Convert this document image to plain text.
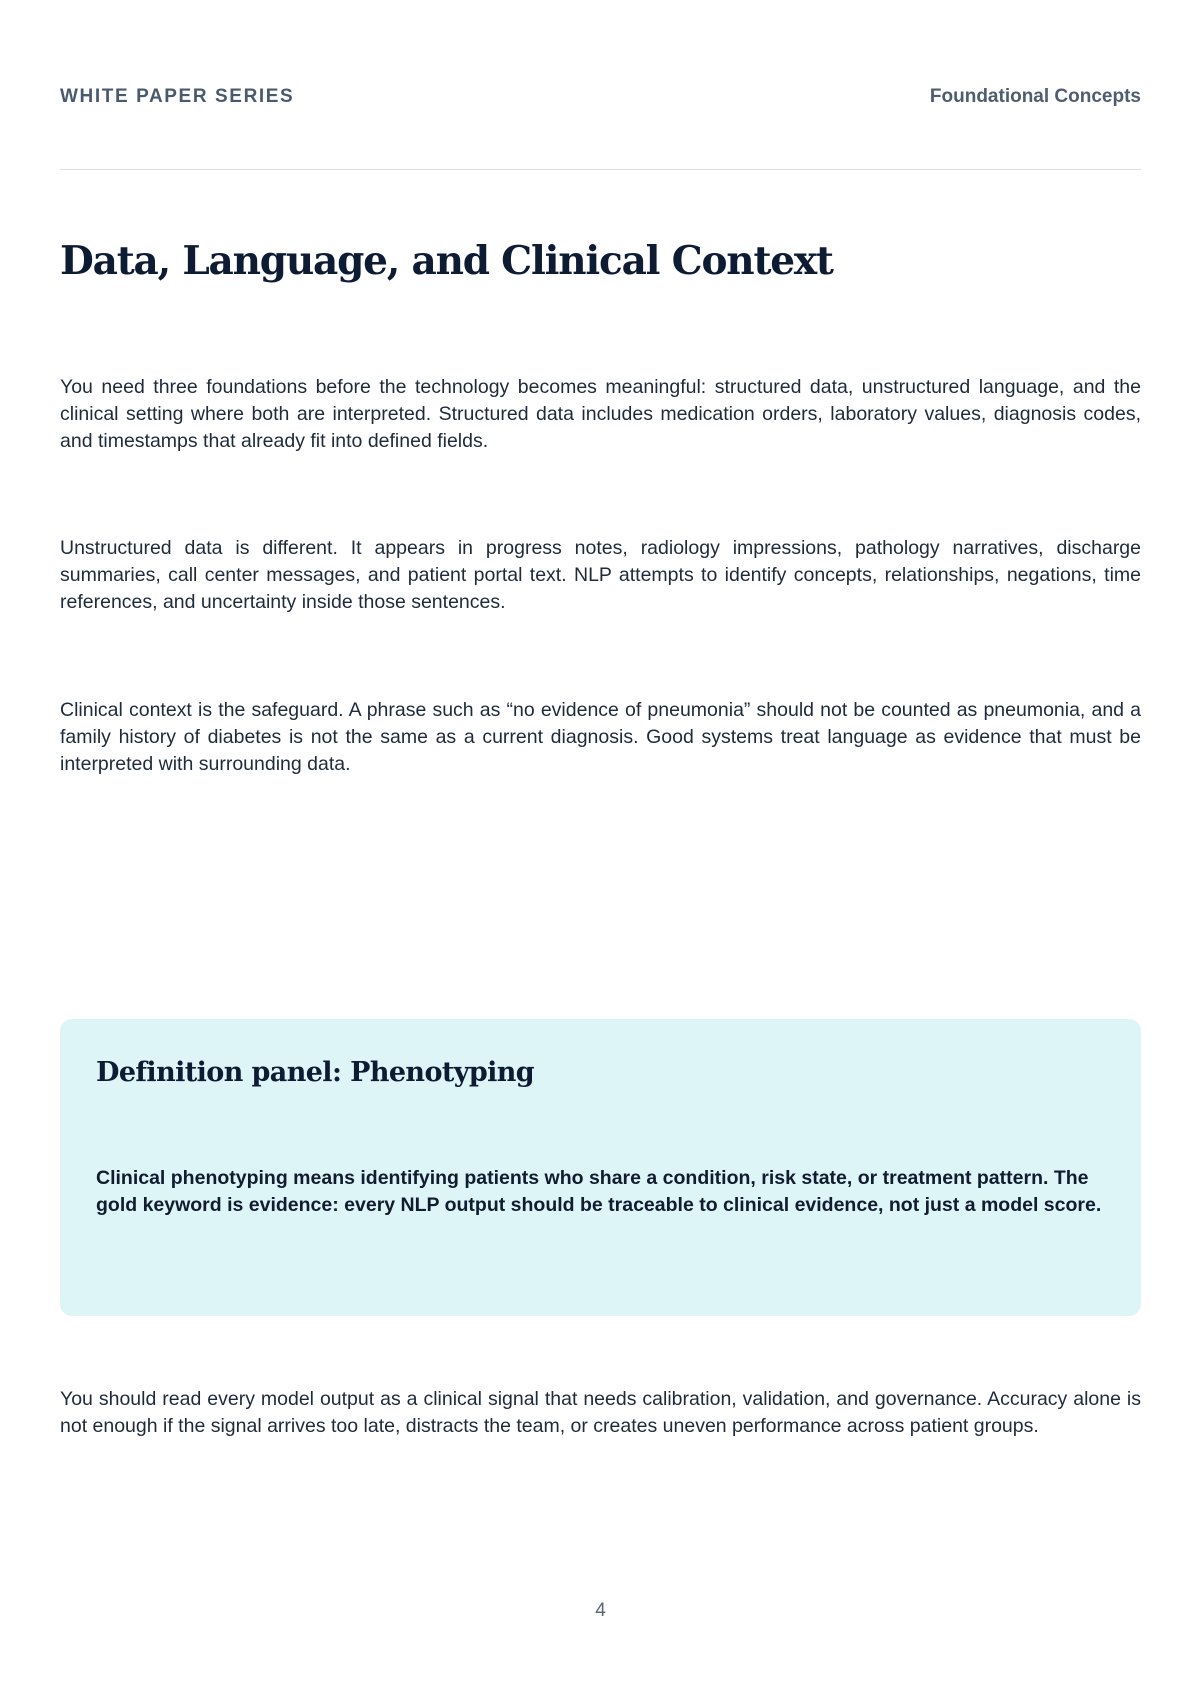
WHITE PAPER SERIES	Foundational Concepts
Data, Language, and Clinical Context

You need three foundations before the technology becomes meaningful: structured data, unstructured language, and the clinical setting where both are interpreted. Structured data includes medication orders, laboratory values, diagnosis codes, and timestamps that already fit into defined fields.

Unstructured data is different. It appears in progress notes, radiology impressions, pathology narratives, discharge summaries, call center messages, and patient portal text. NLP attempts to identify concepts, relationships, negations, time references, and uncertainty inside those sentences.

Clinical context is the safeguard. A phrase such as “no evidence of pneumonia” should not be counted as pneumonia, and a family history of diabetes is not the same as a current diagnosis. Good systems treat language as evidence that must be interpreted with surrounding data.

Definition panel: Phenotyping

Clinical phenotyping means identifying patients who share a condition, risk state, or treatment pattern. The gold keyword is evidence: every NLP output should be traceable to clinical evidence, not just a model score.

You should read every model output as a clinical signal that needs calibration, validation, and governance. Accuracy alone is not enough if the signal arrives too late, distracts the team, or creates uneven performance across patient groups.

4
